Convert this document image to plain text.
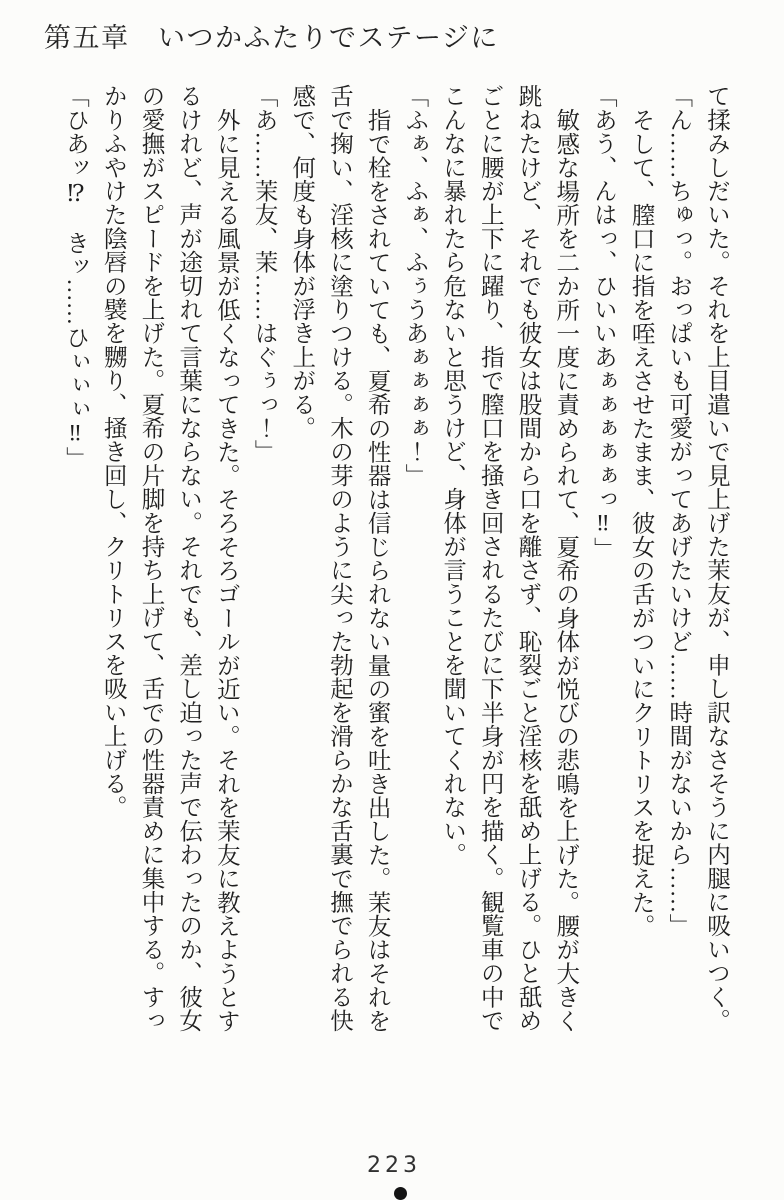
第五章　いつかふたりでステージに
て揉みしだいた。それを上目遣いで見上げた茉友が、申し訳なさそうに内腿に吸いつく。
「ん……ちゅっ。おっぱいも可愛がってあげたいけど……時間がないから……」
そして、膣口に指を咥えさせたまま、彼女の舌がついにクリトリスを捉えた。
「あう、んはっ、ひいいあぁぁぁぁぁっ‼」
敏感な場所を二か所一度に責められて、夏希の身体が悦びの悲鳴を上げた。腰が大きく
跳ねたけど、それでも彼女は股間から口を離さず、恥裂ごと淫核を舐め上げる。ひと舐め
ごとに腰が上下に躍り、指で膣口を掻き回されるたびに下半身が円を描く。観覧車の中で
こんなに暴れたら危ないと思うけど、身体が言うことを聞いてくれない。
「ふぁ、ふぁ、ふぅうあぁぁぁぁ！」
指で栓をされていても、夏希の性器は信じられない量の蜜を吐き出した。茉友はそれを
舌で掬い、淫核に塗りつける。木の芽のように尖った勃起を滑らかな舌裏で撫でられる快
感で、何度も身体が浮き上がる。
「あ……茉友、茉……はぐぅっ！」
外に見える風景が低くなってきた。そろそろゴールが近い。それを茉友に教えようとす
るけれど、声が途切れて言葉にならない。それでも、差し迫った声で伝わったのか、彼女
の愛撫がスピードを上げた。夏希の片脚を持ち上げて、舌での性器責めに集中する。すっ
かりふやけた陰唇の襞を嬲り、掻き回し、クリトリスを吸い上げる。
「ひあッ⁉　きッ……ひぃぃぃ‼」
223
